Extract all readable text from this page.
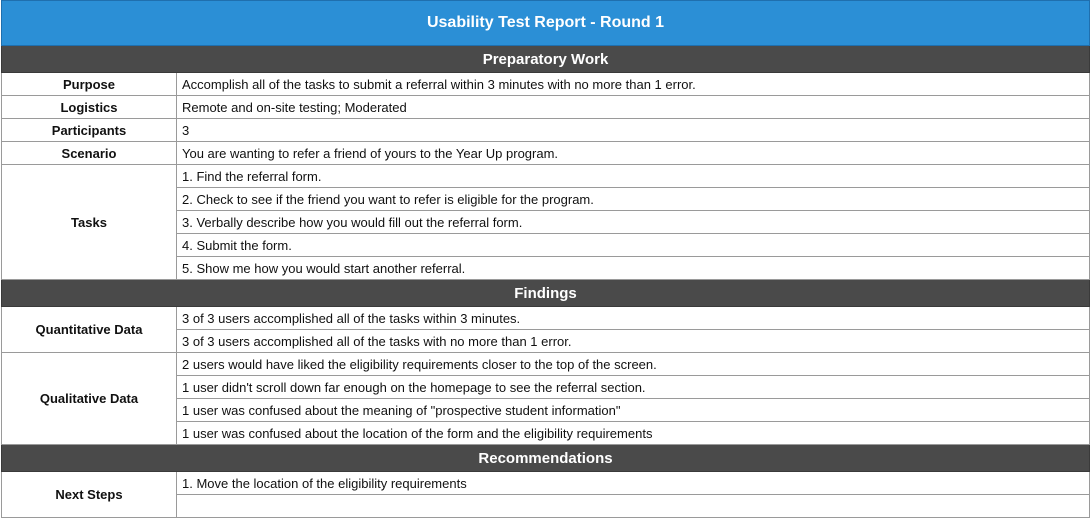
Usability Test Report - Round 1	
Preparatory Work	
Purpose	Accomplish all of the tasks to submit a referral within 3 minutes with no more than 1 error.
Logistics	Remote and on-site testing; Moderated
Participants	3
Scenario	You are wanting to refer a friend of yours to the Year Up program.
Tasks	1. Find the referral form.
	2. Check to see if the friend you want to refer is eligible for the program.
	3. Verbally describe how you would fill out the referral form.
	4. Submit the form.
	5. Show me how you would start another referral.
Findings	
Quantitative Data	3 of 3 users accomplished all of the tasks within 3 minutes.
	3 of 3 users accomplished all of the tasks with no more than 1 error.
Qualitative Data	2 users would have liked the eligibility requirements closer to the top of the screen.
	1 user didn't scroll down far enough on the homepage to see the referral section.
	1 user was confused about the meaning of "prospective student information"
	1 user was confused about the location of the form and the eligibility requirements
Recommendations	
Next Steps	1. Move the location of the eligibility requirements
